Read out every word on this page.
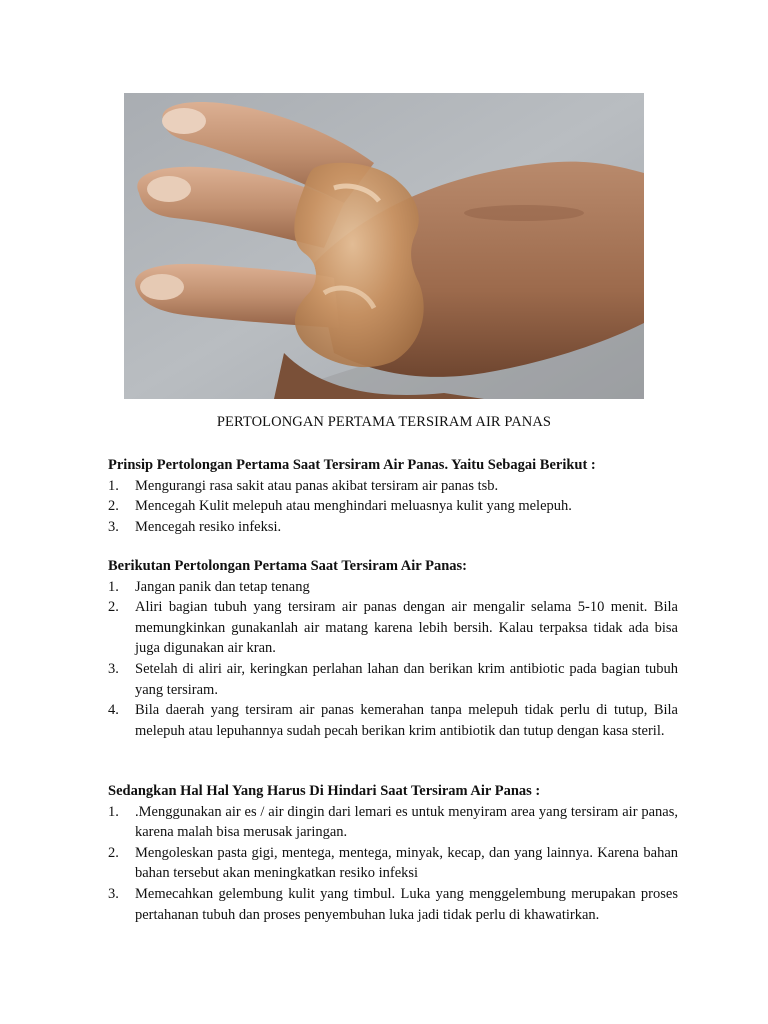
PERTOLONGAN PERTAMA TERSIRAM AIR PANAS
Prinsip Pertolongan Pertama Saat Tersiram Air Panas. Yaitu Sebagai Berikut :
1. Mengurangi rasa sakit atau panas akibat tersiram air panas tsb.
2. Mencegah Kulit melepuh atau menghindari meluasnya kulit yang melepuh.
3. Mencegah resiko infeksi.
Berikutan Pertolongan Pertama Saat Tersiram Air Panas:
1. Jangan panik dan tetap tenang
2. Aliri bagian tubuh yang tersiram air panas dengan air mengalir selama 5-10 menit. Bila memungkinkan gunakanlah air matang karena lebih bersih. Kalau terpaksa tidak ada bisa juga digunakan air kran.
3. Setelah di aliri air, keringkan perlahan lahan dan berikan krim antibiotic pada bagian tubuh yang tersiram.
4. Bila daerah yang tersiram air panas kemerahan tanpa melepuh tidak perlu di tutup, Bila melepuh atau lepuhannya sudah pecah berikan krim antibiotik dan tutup dengan kasa steril.
Sedangkan Hal Hal Yang Harus Di Hindari Saat Tersiram Air Panas :
1. .Menggunakan air es / air dingin dari lemari es untuk menyiram area yang tersiram air panas, karena malah bisa merusak jaringan.
2. Mengoleskan pasta gigi, mentega, mentega, minyak, kecap, dan yang lainnya. Karena bahan bahan tersebut akan meningkatkan resiko infeksi
3. Memecahkan gelembung kulit yang timbul. Luka yang menggelembung merupakan proses pertahanan tubuh dan proses penyembuhan luka jadi tidak perlu di khawatirkan.
